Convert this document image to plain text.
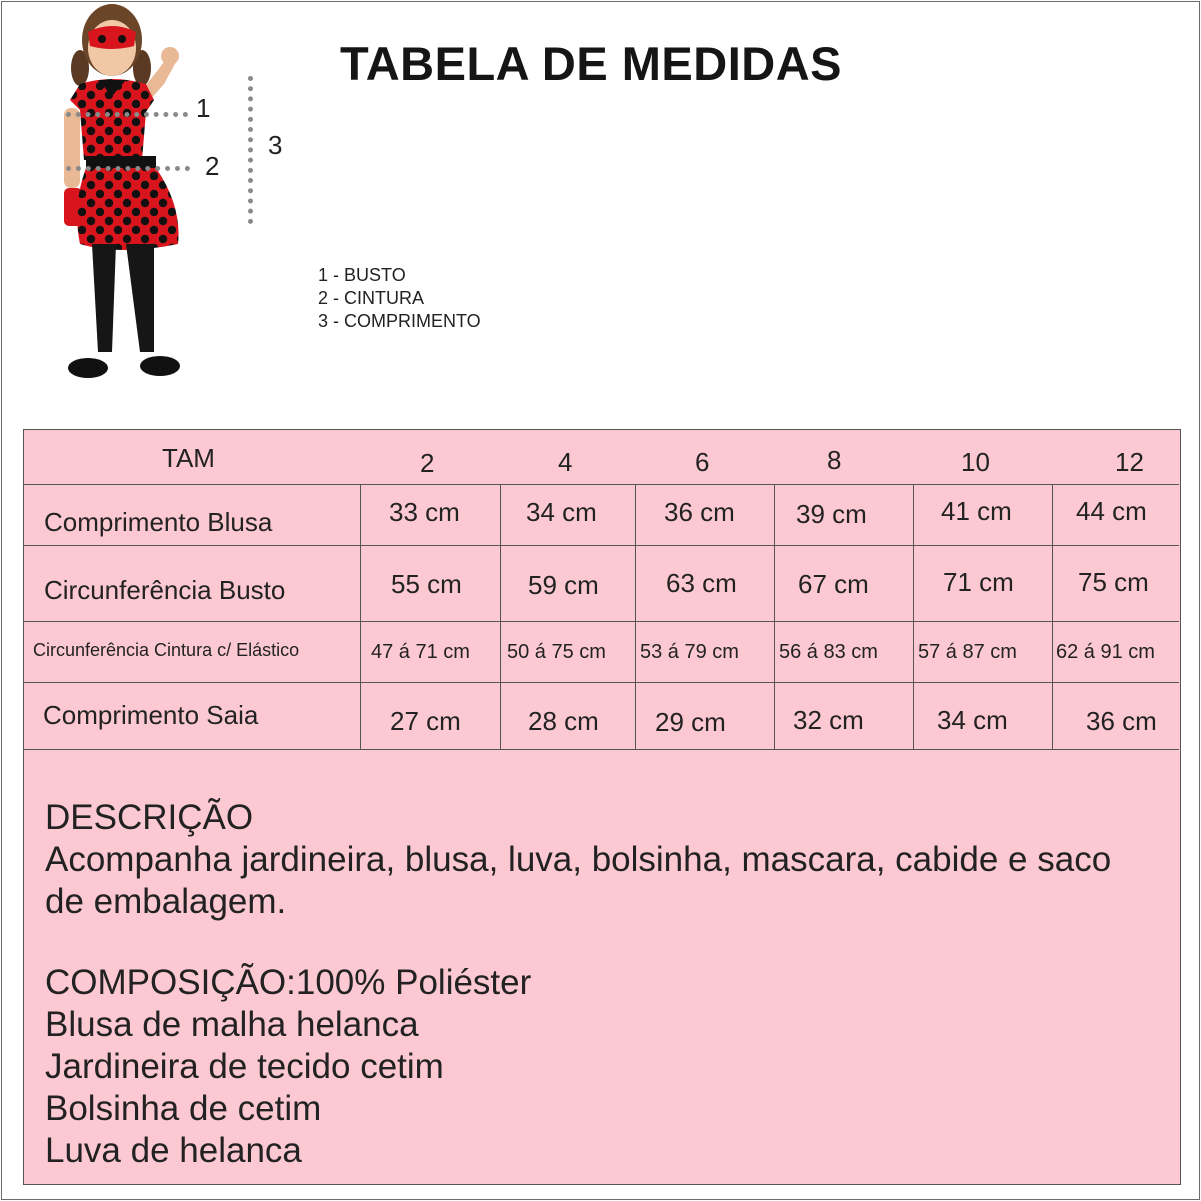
TABELA DE MEDIDAS
1
2
3
1 - BUSTO
2 - CINTURA
3 - COMPRIMENTO
TAM	2	4	6	8	10	12
Comprimento Blusa	33 cm	34 cm	36 cm 39 cm	41 cm 44 cm
Circunferência Busto	55 cm	59 cm	63 cm 67 cm	71 cm 75 cm
Circunferência Cintura c/ Elástico	47 á 71 cm 50 á 75 cm 53 á 79 cm 56 á 83 cm 57 á 87 cm 62 á 91 cm
Comprimento Saia	27 cm	28 cm 29 cm	32 cm	34 cm	36 cm
DESCRIÇÃO
Acompanha jardineira, blusa, luva, bolsinha, mascara, cabide e saco
de embalagem.
COMPOSIÇÃO:100% Poliéster
Blusa de malha helanca
Jardineira de tecido cetim
Bolsinha de cetim
Luva de helanca
